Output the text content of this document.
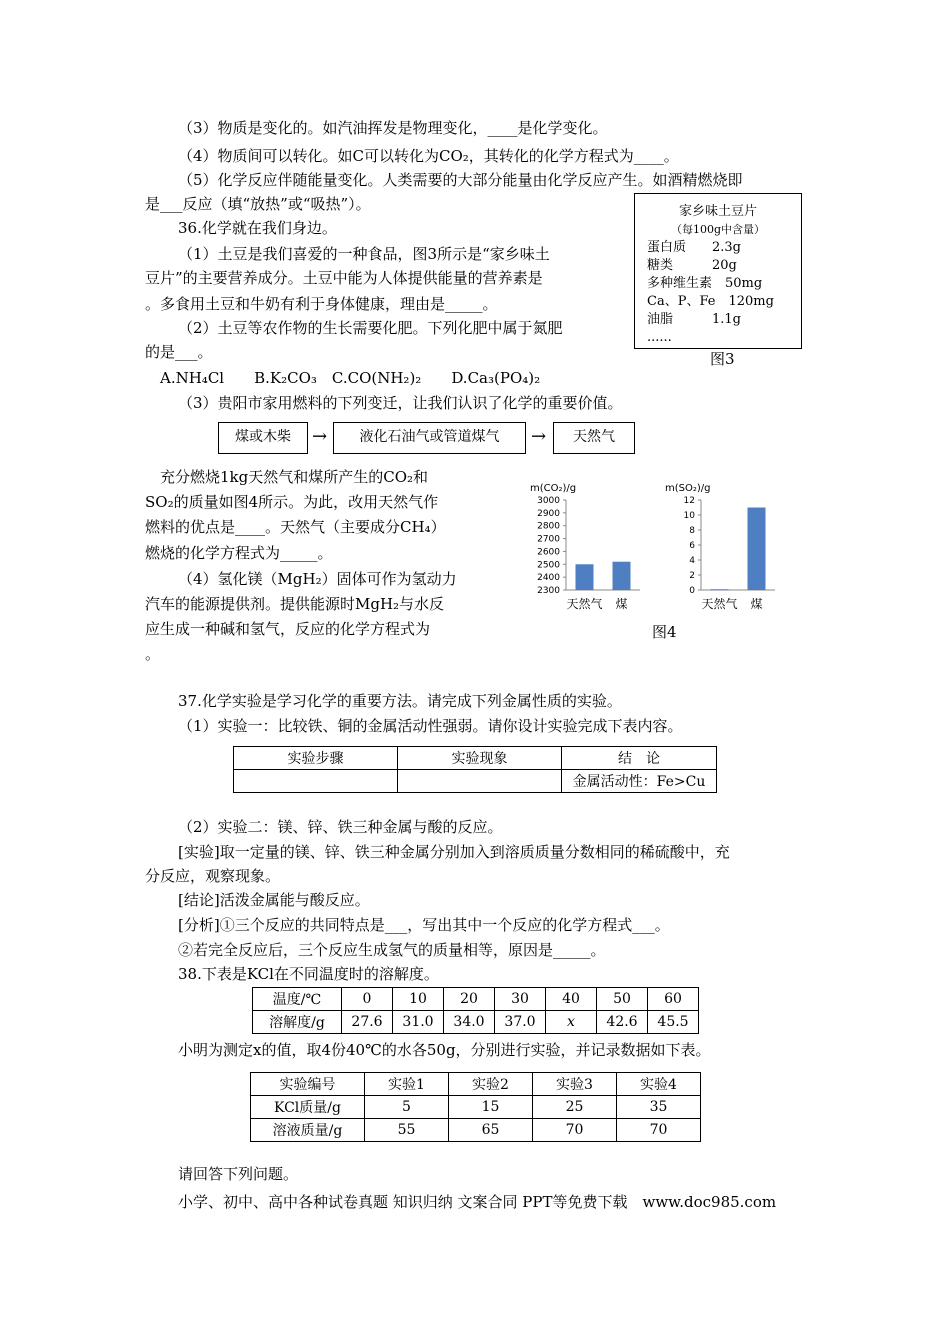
（3）物质是变化的。如汽油挥发是物理变化，____是化学变化。
（4）物质间可以转化。如C可以转化为CO₂，其转化的化学方程式为____。
（5）化学反应伴随能量变化。人类需要的大部分能量由化学反应产生。如酒精燃烧即
是___反应（填“放热”或“吸热”）。
36.化学就在我们身边。
（1）土豆是我们喜爱的一种食品，图3所示是“家乡味土
豆片”的主要营养成分。土豆中能为人体提供能量的营养素是
。多食用土豆和牛奶有利于身体健康，理由是_____。
（2）土豆等农作物的生长需要化肥。下列化肥中属于氮肥
的是___。
A.NH₄Cl　　B.K₂CO₃　C.CO(NH₂)₂　　D.Ca₃(PO₄)₂
（3）贵阳市家用燃料的下列变迁，让我们认识了化学的重要价值。
家乡味土豆片
（每100g中含量）
蛋白质　　2.3g
糖类　　　20g
多种维生素　50mg
Ca、P、Fe　120mg
油脂　　　1.1g
......
图3
煤或木柴	→	液化石油气或管道煤气	→	天然气
充分燃烧1kg天然气和煤所产生的CO₂和
SO₂的质量如图4所示。为此，改用天然气作
燃料的优点是____。天然气（主要成分CH₄）
燃烧的化学方程式为_____。
（4）氢化镁（MgH₂）固体可作为氢动力
汽车的能源提供剂。提供能源时MgH₂与水反
应生成一种碱和氢气，反应的化学方程式为
。
m(CO₂)/g
2300
2400
2500
2600
2700
2800
2900
3000
天然气 煤
m(SO₂)/g
0
2
4
6
8
10
12
天然气 煤
图4
37.化学实验是学习化学的重要方法。请完成下列金属性质的实验。
（1）实验一：比较铁、铜的金属活动性强弱。请你设计实验完成下表内容。
实验步骤	实验现象	结　论
		金属活动性：Fe>Cu
（2）实验二：镁、锌、铁三种金属与酸的反应。
[实验]取一定量的镁、锌、铁三种金属分别加入到溶质质量分数相同的稀硫酸中，充
分反应，观察现象。
[结论]活泼金属能与酸反应。
[分析]①三个反应的共同特点是___，写出其中一个反应的化学方程式___。
②若完全反应后，三个反应生成氢气的质量相等，原因是_____。
38.下表是KCl在不同温度时的溶解度。
温度/℃	0	10	20	30	40	50	60
溶解度/g	27.6	31.0	34.0	37.0	x	42.6	45.5
小明为测定x的值，取4份40℃的水各50g，分别进行实验，并记录数据如下表。
实验编号	实验1	实验2	实验3	实验4
KCl质量/g	5	15	25	35
溶液质量/g	55	65	70	70
请回答下列问题。
小学、初中、高中各种试卷真题 知识归纳 文案合同 PPT等免费下载　www.doc985.com
